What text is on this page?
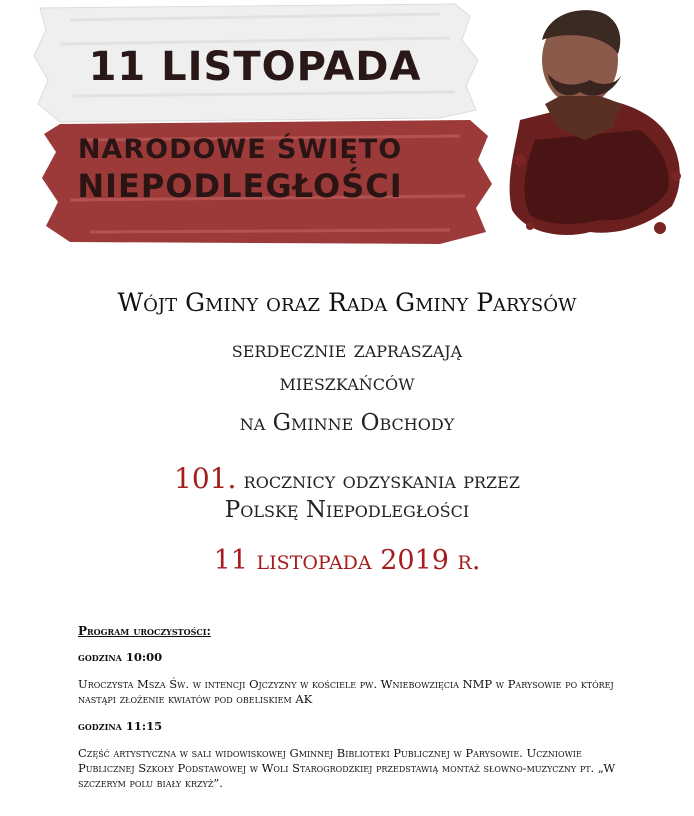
11 LISTOPADA
NARODOWE ŚWIĘTO
NIEPODLEGŁOŚCI
Wójt Gminy oraz Rada Gminy Parysów
serdecznie zapraszają
mieszkańców
na Gminne Obchody
101. rocznicy odzyskania przez
Polskę Niepodległości
11 listopada 2019 r.
Program uroczystości:
godzina 10:00
Uroczysta Msza Św. w intencji Ojczyzny w kościele pw. Wniebowzięcia NMP w Parysowie po której nastąpi złożenie kwiatów pod obeliskiem AK
godzina 11:15
Część artystyczna w sali widowiskowej Gminnej Biblioteki Publicznej w Parysowie. Uczniowie Publicznej Szkoły Podstawowej w Woli Starogrodzkiej przedstawią montaż słowno-muzyczny pt. „W szczerym polu biały krzyż”.
